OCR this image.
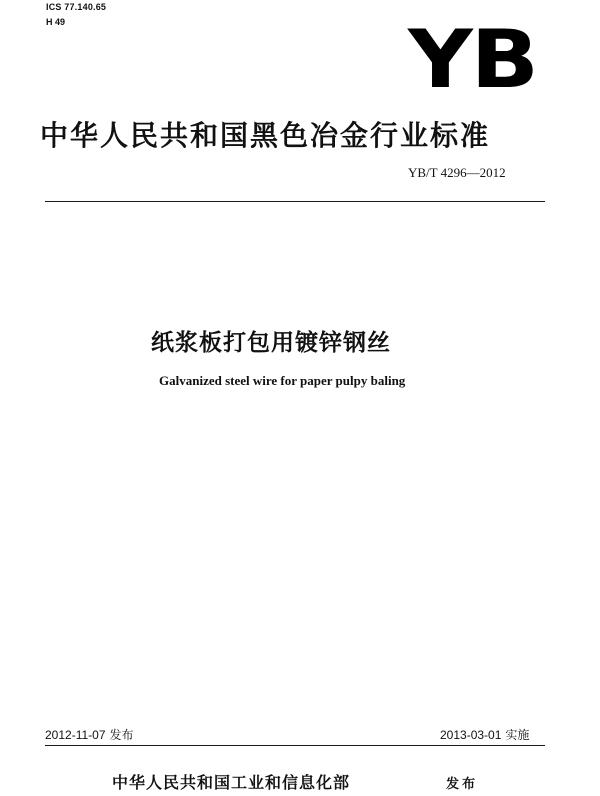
ICS 77.140.65
H 49	YB
中华人民共和国黑色冶金行业标准
YB/T 4296—2012
纸浆板打包用镀锌钢丝
Galvanized steel wire for paper pulpy baling
2012-11-07 发布	2013-03-01 实施
中华人民共和国工业和信息化部	发布
